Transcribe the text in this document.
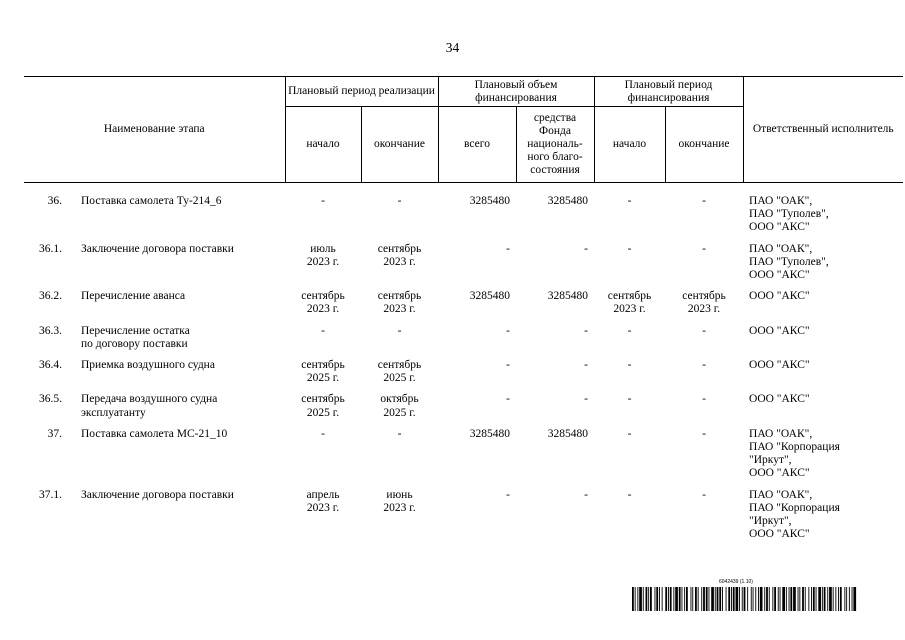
34
Наименование этапа		Плановый период реализации		Плановый объем финансирования		Плановый период финансирования		Ответственный исполнитель
		начало	окончание	всего	средства Фонда националь-ного благо-состояния	начало	окончание	

36.	Поставка самолета Ту-214_6	-	-	3285480	3285480	-	-	ПАО "ОАК",
ПАО "Туполев",
ООО "АКС"
36.1.	Заключение договора поставки	июль
2023 г.	сентябрь
2023 г.	-	-	-	-	ПАО "ОАК",
ПАО "Туполев",
ООО "АКС"
36.2.	Перечисление аванса	сентябрь
2023 г.	сентябрь
2023 г.	3285480	3285480	сентябрь
2023 г.	сентябрь
2023 г.	ООО "АКС"
36.3.	Перечисление остатка
по договору поставки	-	-	-	-	-	-	ООО "АКС"
36.4.	Приемка воздушного судна	сентябрь
2025 г.	сентябрь
2025 г.	-	-	-	-	ООО "АКС"
36.5.	Передача воздушного судна
эксплуатанту	сентябрь
2025 г.	октябрь
2025 г.	-	-	-	-	ООО "АКС"
37.	Поставка самолета МС-21_10	-	-	3285480	3285480	-	-	ПАО "ОАК",
ПАО "Корпорация
"Иркут",
ООО "АКС"
37.1.	Заключение договора поставки	апрель
2023 г.	июнь
2023 г.	-	-	-	-	ПАО "ОАК",
ПАО "Корпорация
"Иркут",
ООО "АКС"
6042439 (1.10)
